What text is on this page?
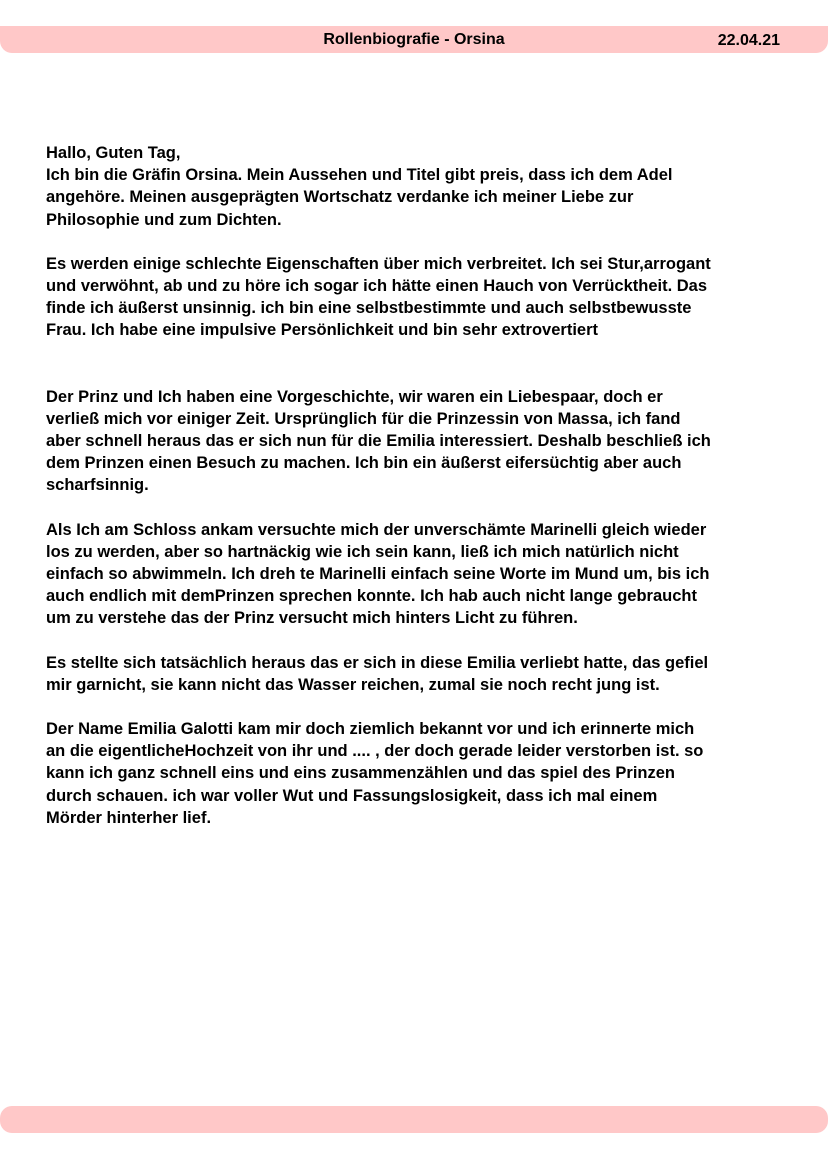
Rollenbiografie - Orsina	22.04.21

Hallo, Guten Tag,
Ich bin die Gräfin Orsina. Mein Aussehen und Titel gibt preis, dass ich dem Adel
angehöre. Meinen ausgeprägten Wortschatz verdanke ich meiner Liebe zur
Philosophie und zum Dichten.

Es werden einige schlechte Eigenschaften über mich verbreitet. Ich sei Stur,arrogant
und verwöhnt, ab und zu höre ich sogar ich hätte einen Hauch von Verrücktheit. Das
finde ich äußerst unsinnig. ich bin eine selbstbestimmte und auch selbstbewusste
Frau. Ich habe eine impulsive Persönlichkeit und bin sehr extrovertiert

Der Prinz und Ich haben eine Vorgeschichte, wir waren ein Liebespaar, doch er
verließ mich vor einiger Zeit. Ursprünglich für die Prinzessin von Massa, ich fand
aber schnell heraus das er sich nun für die Emilia interessiert. Deshalb beschließ ich
dem Prinzen einen Besuch zu machen. Ich bin ein äußerst eifersüchtig aber auch
scharfsinnig.

Als Ich am Schloss ankam versuchte mich der unverschämte Marinelli gleich wieder
los zu werden, aber so hartnäckig wie ich sein kann, ließ ich mich natürlich nicht
einfach so abwimmeln. Ich dreh te Marinelli einfach seine Worte im Mund um, bis ich
auch endlich mit demPrinzen sprechen konnte. Ich hab auch nicht lange gebraucht
um zu verstehe das der Prinz versucht mich hinters Licht zu führen.

Es stellte sich tatsächlich heraus das er sich in diese Emilia verliebt hatte, das gefiel
mir garnicht, sie kann nicht das Wasser reichen, zumal sie noch recht jung ist.

Der Name Emilia Galotti kam mir doch ziemlich bekannt vor und ich erinnerte mich
an die eigentlicheHochzeit von ihr und .... , der doch gerade leider verstorben ist. so
kann ich ganz schnell eins und eins zusammenzählen und das spiel des Prinzen
durch schauen. ich war voller Wut und Fassungslosigkeit, dass ich mal einem
Mörder hinterher lief.
